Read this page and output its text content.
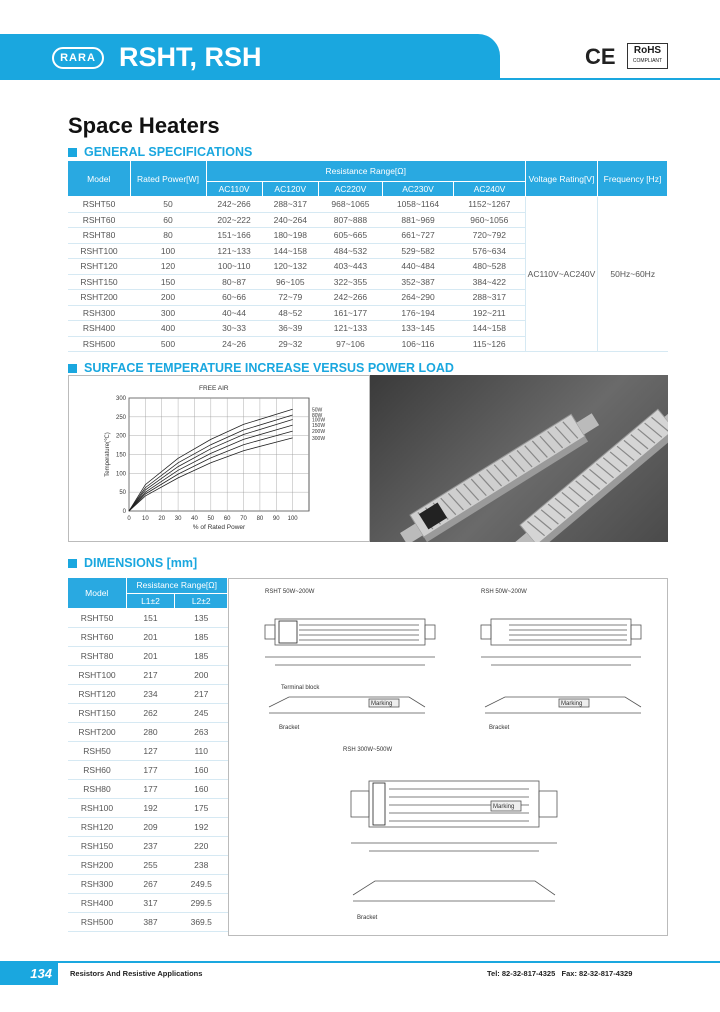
RARA RSHT, RSH	CE	RoHS
COMPLIANT
Space Heaters
GENERAL SPECIFICATIONS
Model	Rated Power[W]	Resistance Range[Ω]					Voltage Rating[V]	Frequency [Hz]
		AC110V	AC120V	AC220V	AC230V	AC240V		
RSHT50	50	242~266	288~317	968~1065	1058~1164	1152~1267	AC110V~AC240V	50Hz~60Hz
RSHT60	60	202~222	240~264	807~888	881~969	960~1056		
RSHT80	80	151~166	180~198	605~665	661~727	720~792		
RSHT100	100	121~133	144~158	484~532	529~582	576~634		
RSHT120	120	100~110	120~132	403~443	440~484	480~528		
RSHT150	150	80~87	96~105	322~355	352~387	384~422		
RSHT200	200	60~66	72~79	242~266	264~290	288~317		
RSH300	300	40~44	48~52	161~177	176~194	192~211		
RSH400	400	30~33	36~39	121~133	133~145	144~158		
RSH500	500	24~26	29~32	97~106	106~116	115~126		
SURFACE TEMPERATURE INCREASE VERSUS POWER LOAD
0 10 20 30 40 50 60 70 80 90 100
0
50
100
150
200
250
300
FREE AIR
% of Rated Power
Temperature(℃)
50W
80W
100W
150W
200W
300W
DIMENSIONS [mm]
Model	Resistance Range[Ω]	
	L1±2	L2±2
RSHT50	151	135
RSHT60	201	185
RSHT80	201	185
RSHT100	217	200
RSHT120	234	217
RSHT150	262	245
RSHT200	280	263
RSH50	127	110
RSH60	177	160
RSH80	177	160
RSH100	192	175
RSH120	209	192
RSH150	237	220
RSH200	255	238
RSH300	267	249.5
RSH400	317	299.5
RSH500	387	369.5
RSHT 50W~200W	RSH 50W~200W
Terminal block
Marking
Bracket
Marking
Bracket
RSH 300W~500W
Marking
Bracket
134	Resistors And Resistive Applications	Tel: 82-32-817-4325 Fax: 82-32-817-4329
